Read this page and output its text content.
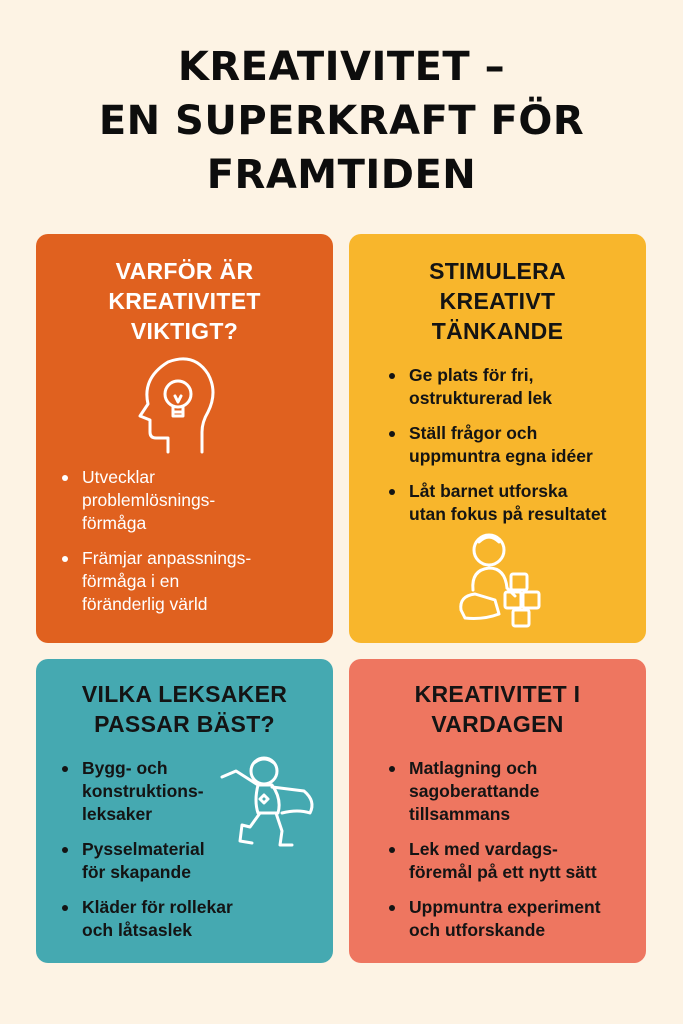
KREATIVITET –
EN SUPERKRAFT FÖR
FRAMTIDEN
VARFÖR ÄR
KREATIVITET
VIKTIGT?
Utvecklar
problemlösnings-
förmåga
Främjar anpassnings-
förmåga i en
föränderlig värld
STIMULERA
KREATIVT
TÄNKANDE
Ge plats för fri,
ostrukturerad lek
Ställ frågor och
uppmuntra egna idéer
Låt barnet utforska
utan fokus på resultatet
VILKA LEKSAKER
PASSAR BÄST?
Bygg- och
konstruktions-
leksaker
Pysselmaterial
för skapande
Kläder för rollekar
och låtsaslek
KREATIVITET I
VARDAGEN
Matlagning och
sagoberattande
tillsammans
Lek med vardags-
föremål på ett nytt sätt
Uppmuntra experiment
och utforskande
